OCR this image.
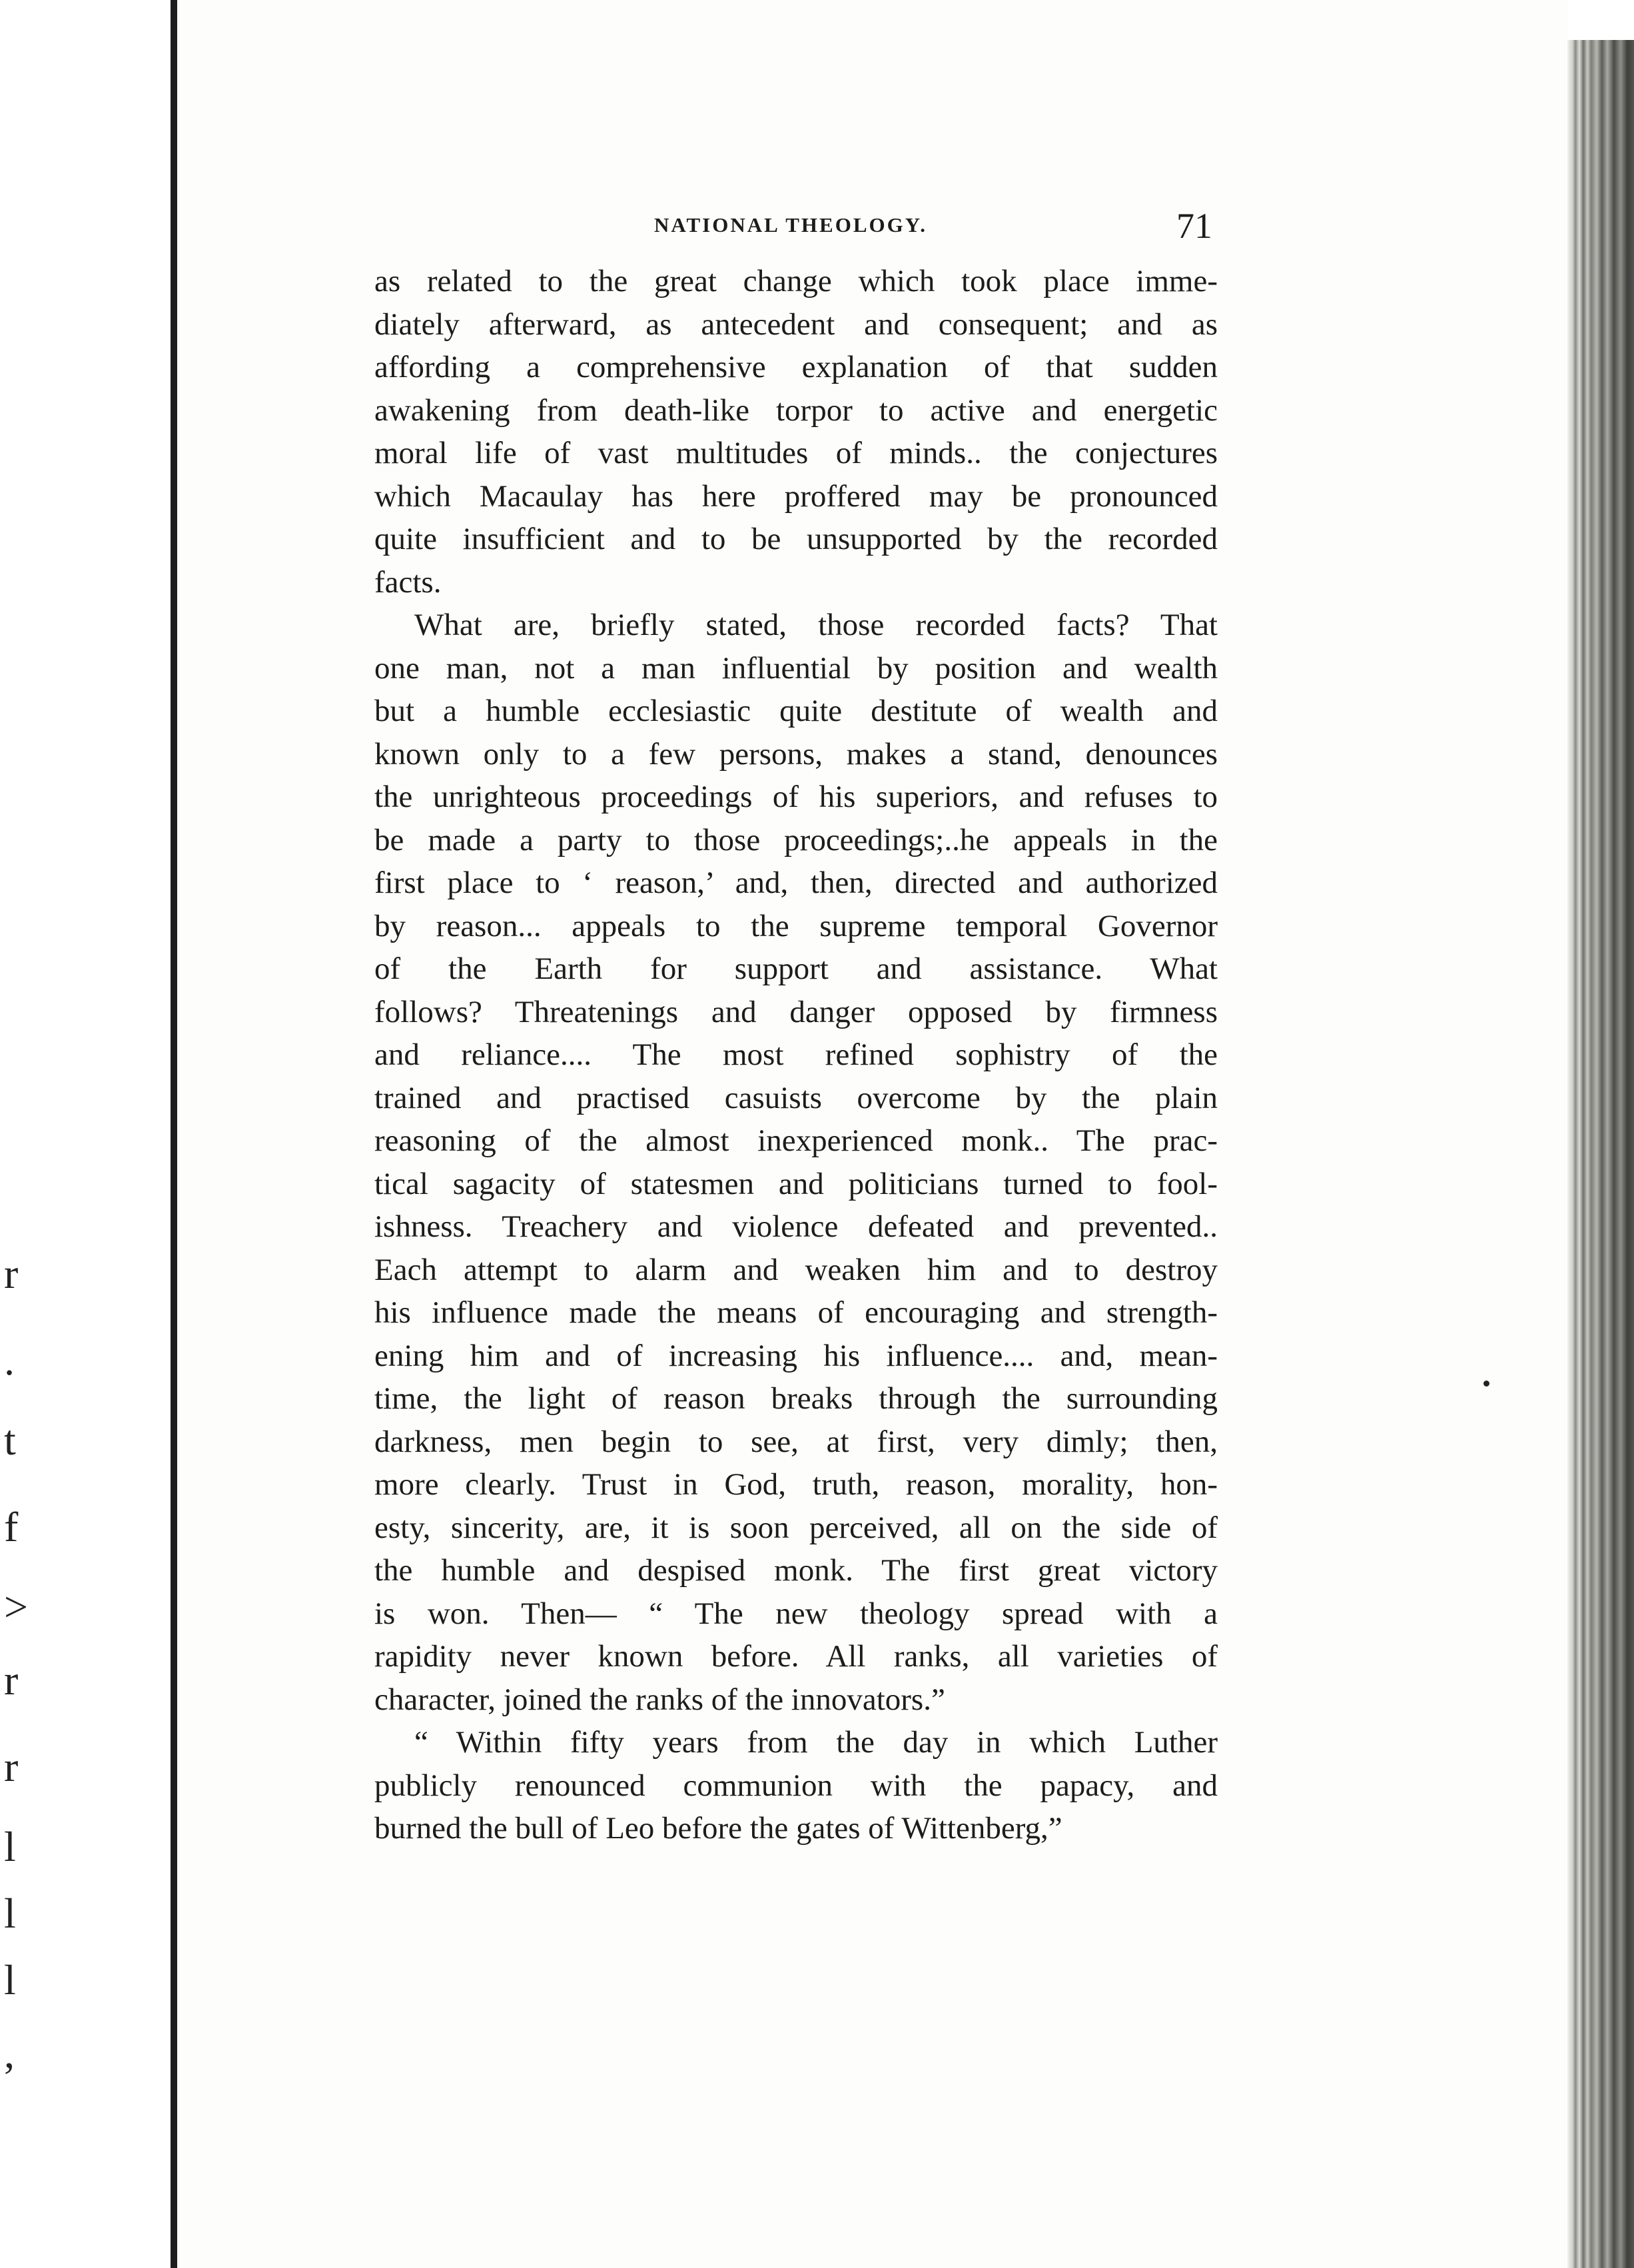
r
.
t
f
>
r
r
l
l
l
,
NATIONAL THEOLOGY.	71
as related to the great change which took place imme-
diately afterward, as antecedent and consequent; and as
affording a comprehensive explanation of that sudden
awakening from death-like torpor to active and energetic
moral life of vast multitudes of minds.. the conjectures
which Macaulay has here proffered may be pronounced
quite insufficient and to be unsupported by the recorded
facts.
What are, briefly stated, those recorded facts? That
one man, not a man influential by position and wealth
but a humble ecclesiastic quite destitute of wealth and
known only to a few persons, makes a stand, denounces
the unrighteous proceedings of his superiors, and refuses to
be made a party to those proceedings;..he appeals in the
first place to ‘ reason,’ and, then, directed and authorized
by reason... appeals to the supreme temporal Governor
of the Earth for support and assistance. What
follows? Threatenings and danger opposed by firmness
and reliance.... The most refined sophistry of the
trained and practised casuists overcome by the plain
reasoning of the almost inexperienced monk.. The prac-
tical sagacity of statesmen and politicians turned to fool-
ishness. Treachery and violence defeated and prevented..
Each attempt to alarm and weaken him and to destroy
his influence made the means of encouraging and strength-
ening him and of increasing his influence.... and, mean-
time, the light of reason breaks through the surrounding
darkness, men begin to see, at first, very dimly; then,
more clearly. Trust in God, truth, reason, morality, hon-
esty, sincerity, are, it is soon perceived, all on the side of
the humble and despised monk. The first great victory
is won. Then— “ The new theology spread with a
rapidity never known before. All ranks, all varieties of
character, joined the ranks of the innovators.”
“ Within fifty years from the day in which Luther
publicly renounced communion with the papacy, and
burned the bull of Leo before the gates of Wittenberg,”
